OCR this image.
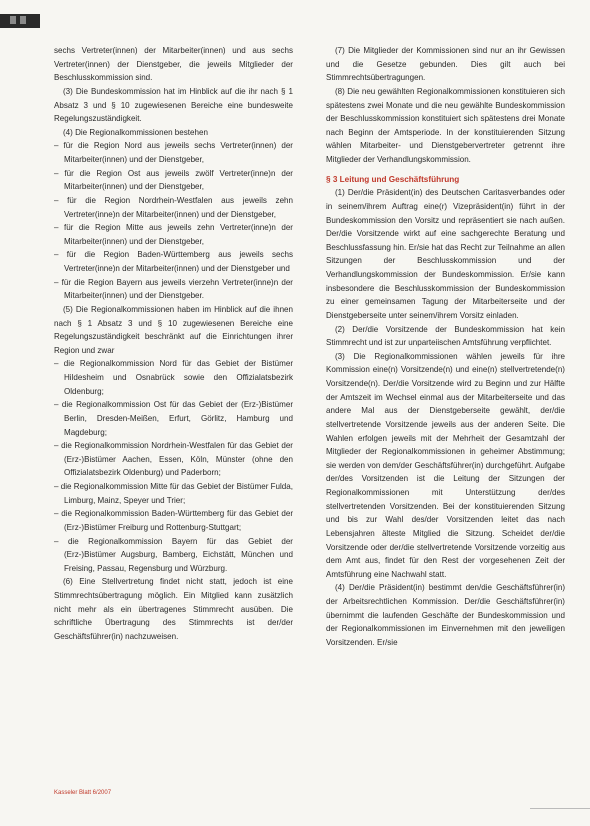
sechs Vertreter(innen) der Mitarbeiter(innen) und aus sechs Vertreter(innen) der Dienstgeber, die jeweils Mitglieder der Beschlusskommission sind.

(3) Die Bundeskommission hat im Hinblick auf die ihr nach § 1 Absatz 3 und § 10 zugewiesenen Bereiche eine bundesweite Regelungszuständigkeit.

(4) Die Regionalkommissionen bestehen

– für die Region Nord aus jeweils sechs Vertreter(innen) der Mitarbeiter(innen) und der Dienstgeber,

– für die Region Ost aus jeweils zwölf Vertreter(inne)n der Mitarbeiter(innen) und der Dienstgeber,

– für die Region Nordrhein-Westfalen aus jeweils zehn Vertreter(inne)n der Mitarbeiter(innen) und der Dienstgeber,

– für die Region Mitte aus jeweils zehn Vertreter(inne)n der Mitarbeiter(innen) und der Dienstgeber,

– für die Region Baden-Württemberg aus jeweils sechs Vertreter(inne)n der Mitarbeiter(innen) und der Dienstgeber und

– für die Region Bayern aus jeweils vierzehn Vertreter(inne)n der Mitarbeiter(innen) und der Dienstgeber.

(5) Die Regionalkommissionen haben im Hinblick auf die ihnen nach § 1 Absatz 3 und § 10 zugewiesenen Bereiche eine Regelungszuständigkeit beschränkt auf die Einrichtungen ihrer Region und zwar

– die Regionalkommission Nord für das Gebiet der Bistümer Hildesheim und Osnabrück sowie den Offizialatsbezirk Oldenburg;

– die Regionalkommission Ost für das Gebiet der (Erz-)Bistümer Berlin, Dresden-Meißen, Erfurt, Görlitz, Hamburg und Magdeburg;

– die Regionalkommission Nordrhein-Westfalen für das Gebiet der (Erz-)Bistümer Aachen, Essen, Köln, Münster (ohne den Offizialatsbezirk Oldenburg) und Paderborn;

– die Regionalkommission Mitte für das Gebiet der Bistümer Fulda, Limburg, Mainz, Speyer und Trier;

– die Regionalkommission Baden-Württemberg für das Gebiet der (Erz-)Bistümer Freiburg und Rottenburg-Stuttgart;

– die Regionalkommission Bayern für das Gebiet der (Erz-)Bistümer Augsburg, Bamberg, Eichstätt, München und Freising, Passau, Regensburg und Würzburg.

(6) Eine Stellvertretung findet nicht statt, jedoch ist eine Stimmrechtsübertragung möglich. Ein Mitglied kann zusätzlich nicht mehr als ein übertragenes Stimmrecht ausüben. Die schriftliche Übertragung des Stimmrechts ist der/der Geschäftsführer(in) nachzuweisen.

(7) Die Mitglieder der Kommissionen sind nur an ihr Gewissen und die Gesetze gebunden. Dies gilt auch bei Stimmrechtsübertragungen.

(8) Die neu gewählten Regionalkommissionen konstituieren sich spätestens zwei Monate und die neu gewählte Bundeskommission der Beschlusskommission konstituiert sich spätestens drei Monate nach Beginn der Amtsperiode. In der konstituierenden Sitzung wählen Mitarbeiter- und Dienstgebervertreter getrennt ihre Mitglieder der Verhandlungskommission.

§ 3 Leitung und Geschäftsführung

(1) Der/die Präsident(in) des Deutschen Caritasverbandes oder in seinem/ihrem Auftrag eine(r) Vizepräsident(in) führt in der Bundeskommission den Vorsitz und repräsentiert sie nach außen. Der/die Vorsitzende wirkt auf eine sachgerechte Beratung und Beschlussfassung hin. Er/sie hat das Recht zur Teilnahme an allen Sitzungen der Beschlusskommission und der Verhandlungskommission der Bundeskommission. Er/sie kann insbesondere die Beschlusskommission der Bundeskommission zu einer gemeinsamen Tagung der Mitarbeiterseite und der Dienstgeberseite unter seinem/ihrem Vorsitz einladen.

(2) Der/die Vorsitzende der Bundeskommission hat kein Stimmrecht und ist zur unparteiischen Amtsführung verpflichtet.

(3) Die Regionalkommissionen wählen jeweils für ihre Kommission eine(n) Vorsitzende(n) und eine(n) stellvertretende(n) Vorsitzende(n). Der/die Vorsitzende wird zu Beginn und zur Hälfte der Amtszeit im Wechsel einmal aus der Mitarbeiterseite und das andere Mal aus der Dienstgeberseite gewählt, der/die stellvertretende Vorsitzende jeweils aus der anderen Seite. Die Wahlen erfolgen jeweils mit der Mehrheit der Gesamtzahl der Mitglieder der Regionalkommissionen in geheimer Abstimmung; sie werden von dem/der Geschäftsführer(in) durchgeführt. Aufgabe der/des Vorsitzenden ist die Leitung der Sitzungen der Regionalkommissionen mit Unterstützung der/des stellvertretenden Vorsitzenden. Bei der konstituierenden Sitzung und bis zur Wahl des/der Vorsitzenden leitet das nach Lebensjahren älteste Mitglied die Sitzung. Scheidet der/die Vorsitzende oder der/die stellvertretende Vorsitzende vorzeitig aus dem Amt aus, findet für den Rest der vorgesehenen Zeit der Amtsführung eine Nachwahl statt.

(4) Der/die Präsident(in) bestimmt den/die Geschäftsführer(in) der Arbeitsrechtlichen Kommission. Der/die Geschäftsführer(in) übernimmt die laufenden Geschäfte der Bundeskommission und der Regionalkommissionen im Einvernehmen mit den jeweiligen Vorsitzenden. Er/sie

Kasseler Blatt 6/2007
